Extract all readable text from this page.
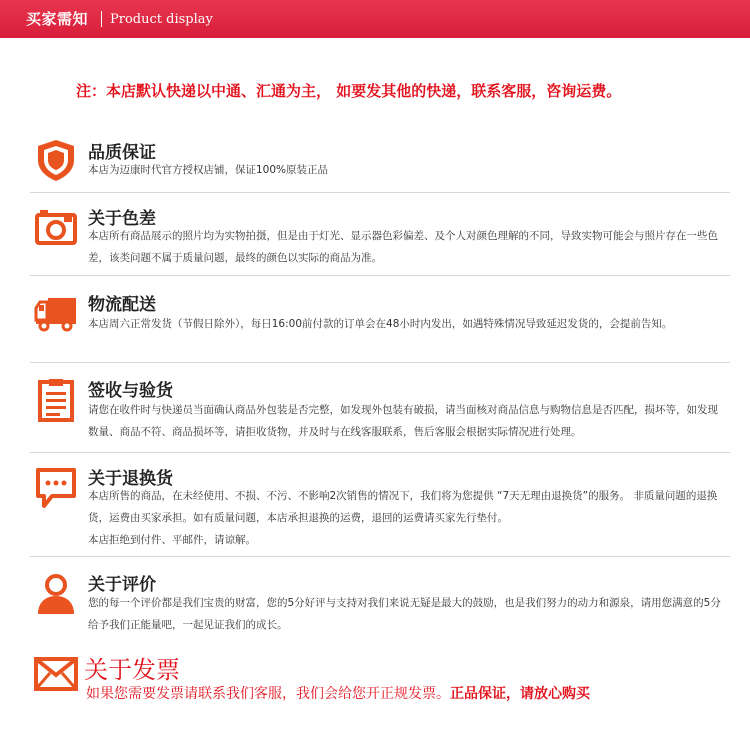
买家需知 Product display
注：本店默认快递以中通、汇通为主， 如要发其他的快递，联系客服，咨询运费。
品质保证
本店为迈康时代官方授权店铺，保证100%原装正品
关于色差
本店所有商品展示的照片均为实物拍摄，但是由于灯光、显示器色彩偏差、及个人对颜色理解的不同，导致实物可能会与照片存在一些色差，该类问题不属于质量问题，最终的颜色以实际的商品为准。
物流配送
本店周六正常发货（节假日除外），每日16:00前付款的订单会在48小时内发出，如遇特殊情况导致延迟发货的，会提前告知。
签收与验货
请您在收件时与快递员当面确认商品外包装是否完整，如发现外包装有破损，请当面核对商品信息与购物信息是否匹配，损坏等，如发现数量、商品不符、商品损坏等，请拒收货物，并及时与在线客服联系，售后客服会根据实际情况进行处理。
关于退换货
本店所售的商品，在未经使用、不损、不污、不影响2次销售的情况下，我们将为您提供 “7天无理由退换货”的服务。 非质量问题的退换货，运费由买家承担。如有质量问题，本店承担退换的运费，退回的运费请买家先行垫付。
本店拒绝到付件、平邮件，请谅解。
关于评价
您的每一个评价都是我们宝贵的财富，您的5分好评与支持对我们来说无疑是最大的鼓励，也是我们努力的动力和源泉，请用您满意的5分给予我们正能量吧，一起见证我们的成长。
关于发票
如果您需要发票请联系我们客服，我们会给您开正规发票。正品保证，请放心购买
